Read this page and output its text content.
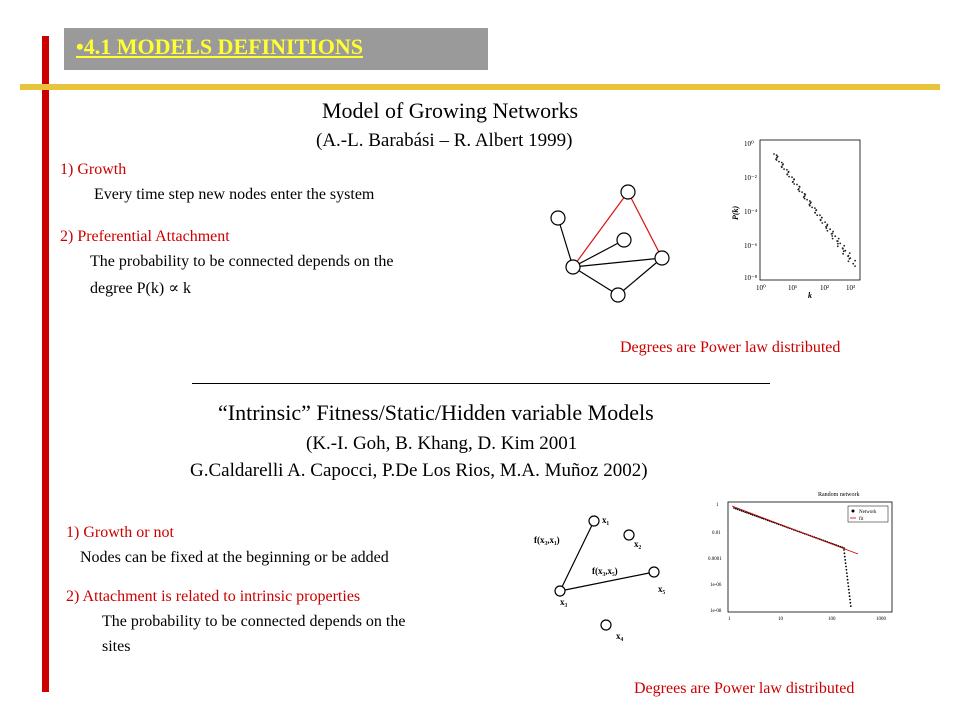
•4.1 MODELS DEFINITIONS
Model of Growing Networks
(A.-L. Barabási – R. Albert 1999)
1) Growth
Every time step new nodes enter the system
2) Preferential Attachment
The probability to be connected depends on the
degree P(k) ∝ k
10⁰
10⁻²
10⁻⁴
10⁻⁶
10⁻⁸
10⁰	10¹	10² 10³
P(k)
k
Degrees are Power law distributed
“Intrinsic” Fitness/Static/Hidden variable Models
(K.-I. Goh, B. Khang, D. Kim 2001
G.Caldarelli A. Capocci, P.De Los Rios, M.A. Muñoz 2002)
1) Growth or not
Nodes can be fixed at the beginning or be added
2) Attachment is related to intrinsic properties
The probability to be connected depends on the
sites
x₁
x₂
x₃
x₄
x₅
f(x₃,x₁)
f(x₃,x₅)
Random network
1
0.01
0.0001
1e-06
1e-08
1	10	100	1000
Network
fit
Degrees are Power law distributed
